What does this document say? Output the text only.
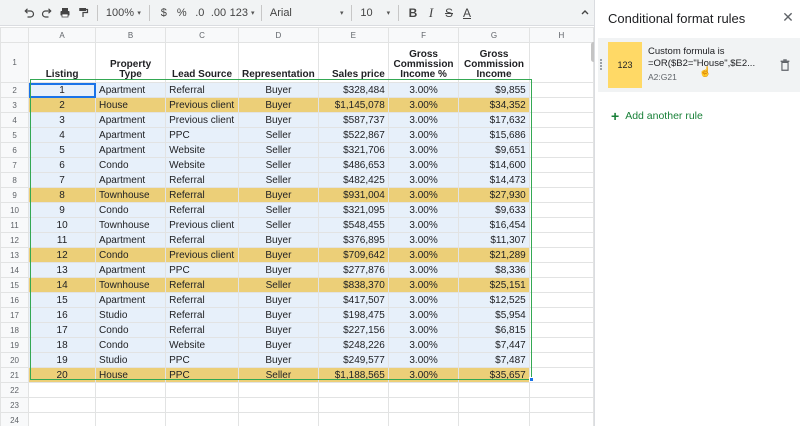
100% ▾	$ % .0 .00 123 ▾ Arial	▾ 10 ▾	B I S A
	A	B	C	D	E	F	G	H
1	Listing	Property Type	Lead Source	Representation	Sales price	Gross Commission Income %	Gross Commission Income	
2	1	Apartment	Referral	Buyer	$328,484	3.00%	$9,855	
3	2	House	Previous client	Buyer	$1,145,078	3.00%	$34,352	
4	3	Apartment	Previous client	Buyer	$587,737	3.00%	$17,632	
5	4	Apartment	PPC	Seller	$522,867	3.00%	$15,686	
6	5	Apartment	Website	Seller	$321,706	3.00%	$9,651	
7	6	Condo	Website	Seller	$486,653	3.00%	$14,600	
8	7	Apartment	Referral	Seller	$482,425	3.00%	$14,473	
9	8	Townhouse	Referral	Buyer	$931,004	3.00%	$27,930	
10	9	Condo	Referral	Seller	$321,095	3.00%	$9,633	
11	10	Townhouse	Previous client	Seller	$548,455	3.00%	$16,454	
12	11	Apartment	Referral	Buyer	$376,895	3.00%	$11,307	
13	12	Condo	Previous client	Buyer	$709,642	3.00%	$21,289	
14	13	Apartment	PPC	Buyer	$277,876	3.00%	$8,336	
15	14	Townhouse	Referral	Seller	$838,370	3.00%	$25,151	
16	15	Apartment	Referral	Buyer	$417,507	3.00%	$12,525	
17	16	Studio	Referral	Buyer	$198,475	3.00%	$5,954	
18	17	Condo	Referral	Buyer	$227,156	3.00%	$6,815	
19	18	Condo	Website	Buyer	$248,226	3.00%	$7,447	
20	19	Studio	PPC	Buyer	$249,577	3.00%	$7,487	
21	20	House	PPC	Seller	$1,188,565	3.00%	$35,657	
22								
23								
24								
Conditional format rules	✕
123
Custom formula is
=OR($B2="House",$E2...
A2:G21 ☝
+ Add another rule
